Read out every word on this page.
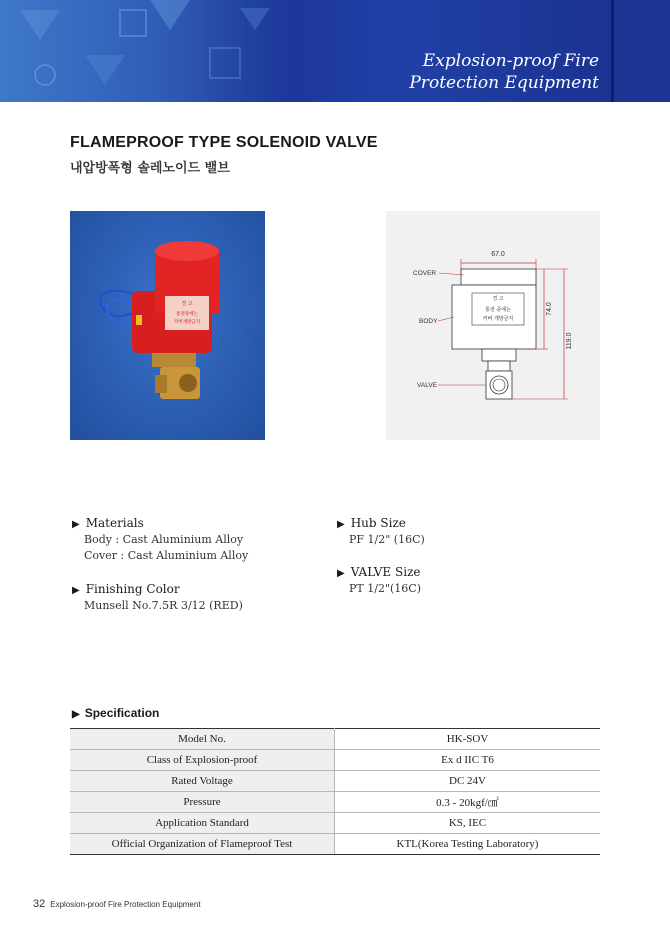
Explosion-proof Fire
Protection Equipment
FLAMEPROOF TYPE SOLENOID VALVE
내압방폭형 솔레노이드 밸브
경 고
통전중에는
커버개방금지
67.0
경 고
통전 중에는
커버 개방금지
74.0
119.0
COVER
BODY
VALVE
▶ Materials
Body : Cast Aluminium Alloy
Cover : Cast Aluminium Alloy
▶ Finishing Color
Munsell No.7.5R 3/12 (RED)
▶ Hub Size
PF 1/2" (16C)
▶ VALVE Size
PT 1/2"(16C)
▶ Specification
Model No.	HK-SOV
Class of Explosion-proof	Ex d IIC T6
Rated Voltage	DC 24V
Pressure	0.3 - 20kgf/㎠
Application Standard	KS, IEC
Official Organization of Flameproof Test	KTL(Korea Testing Laboratory)
32 Explosion-proof Fire Protection Equipment
